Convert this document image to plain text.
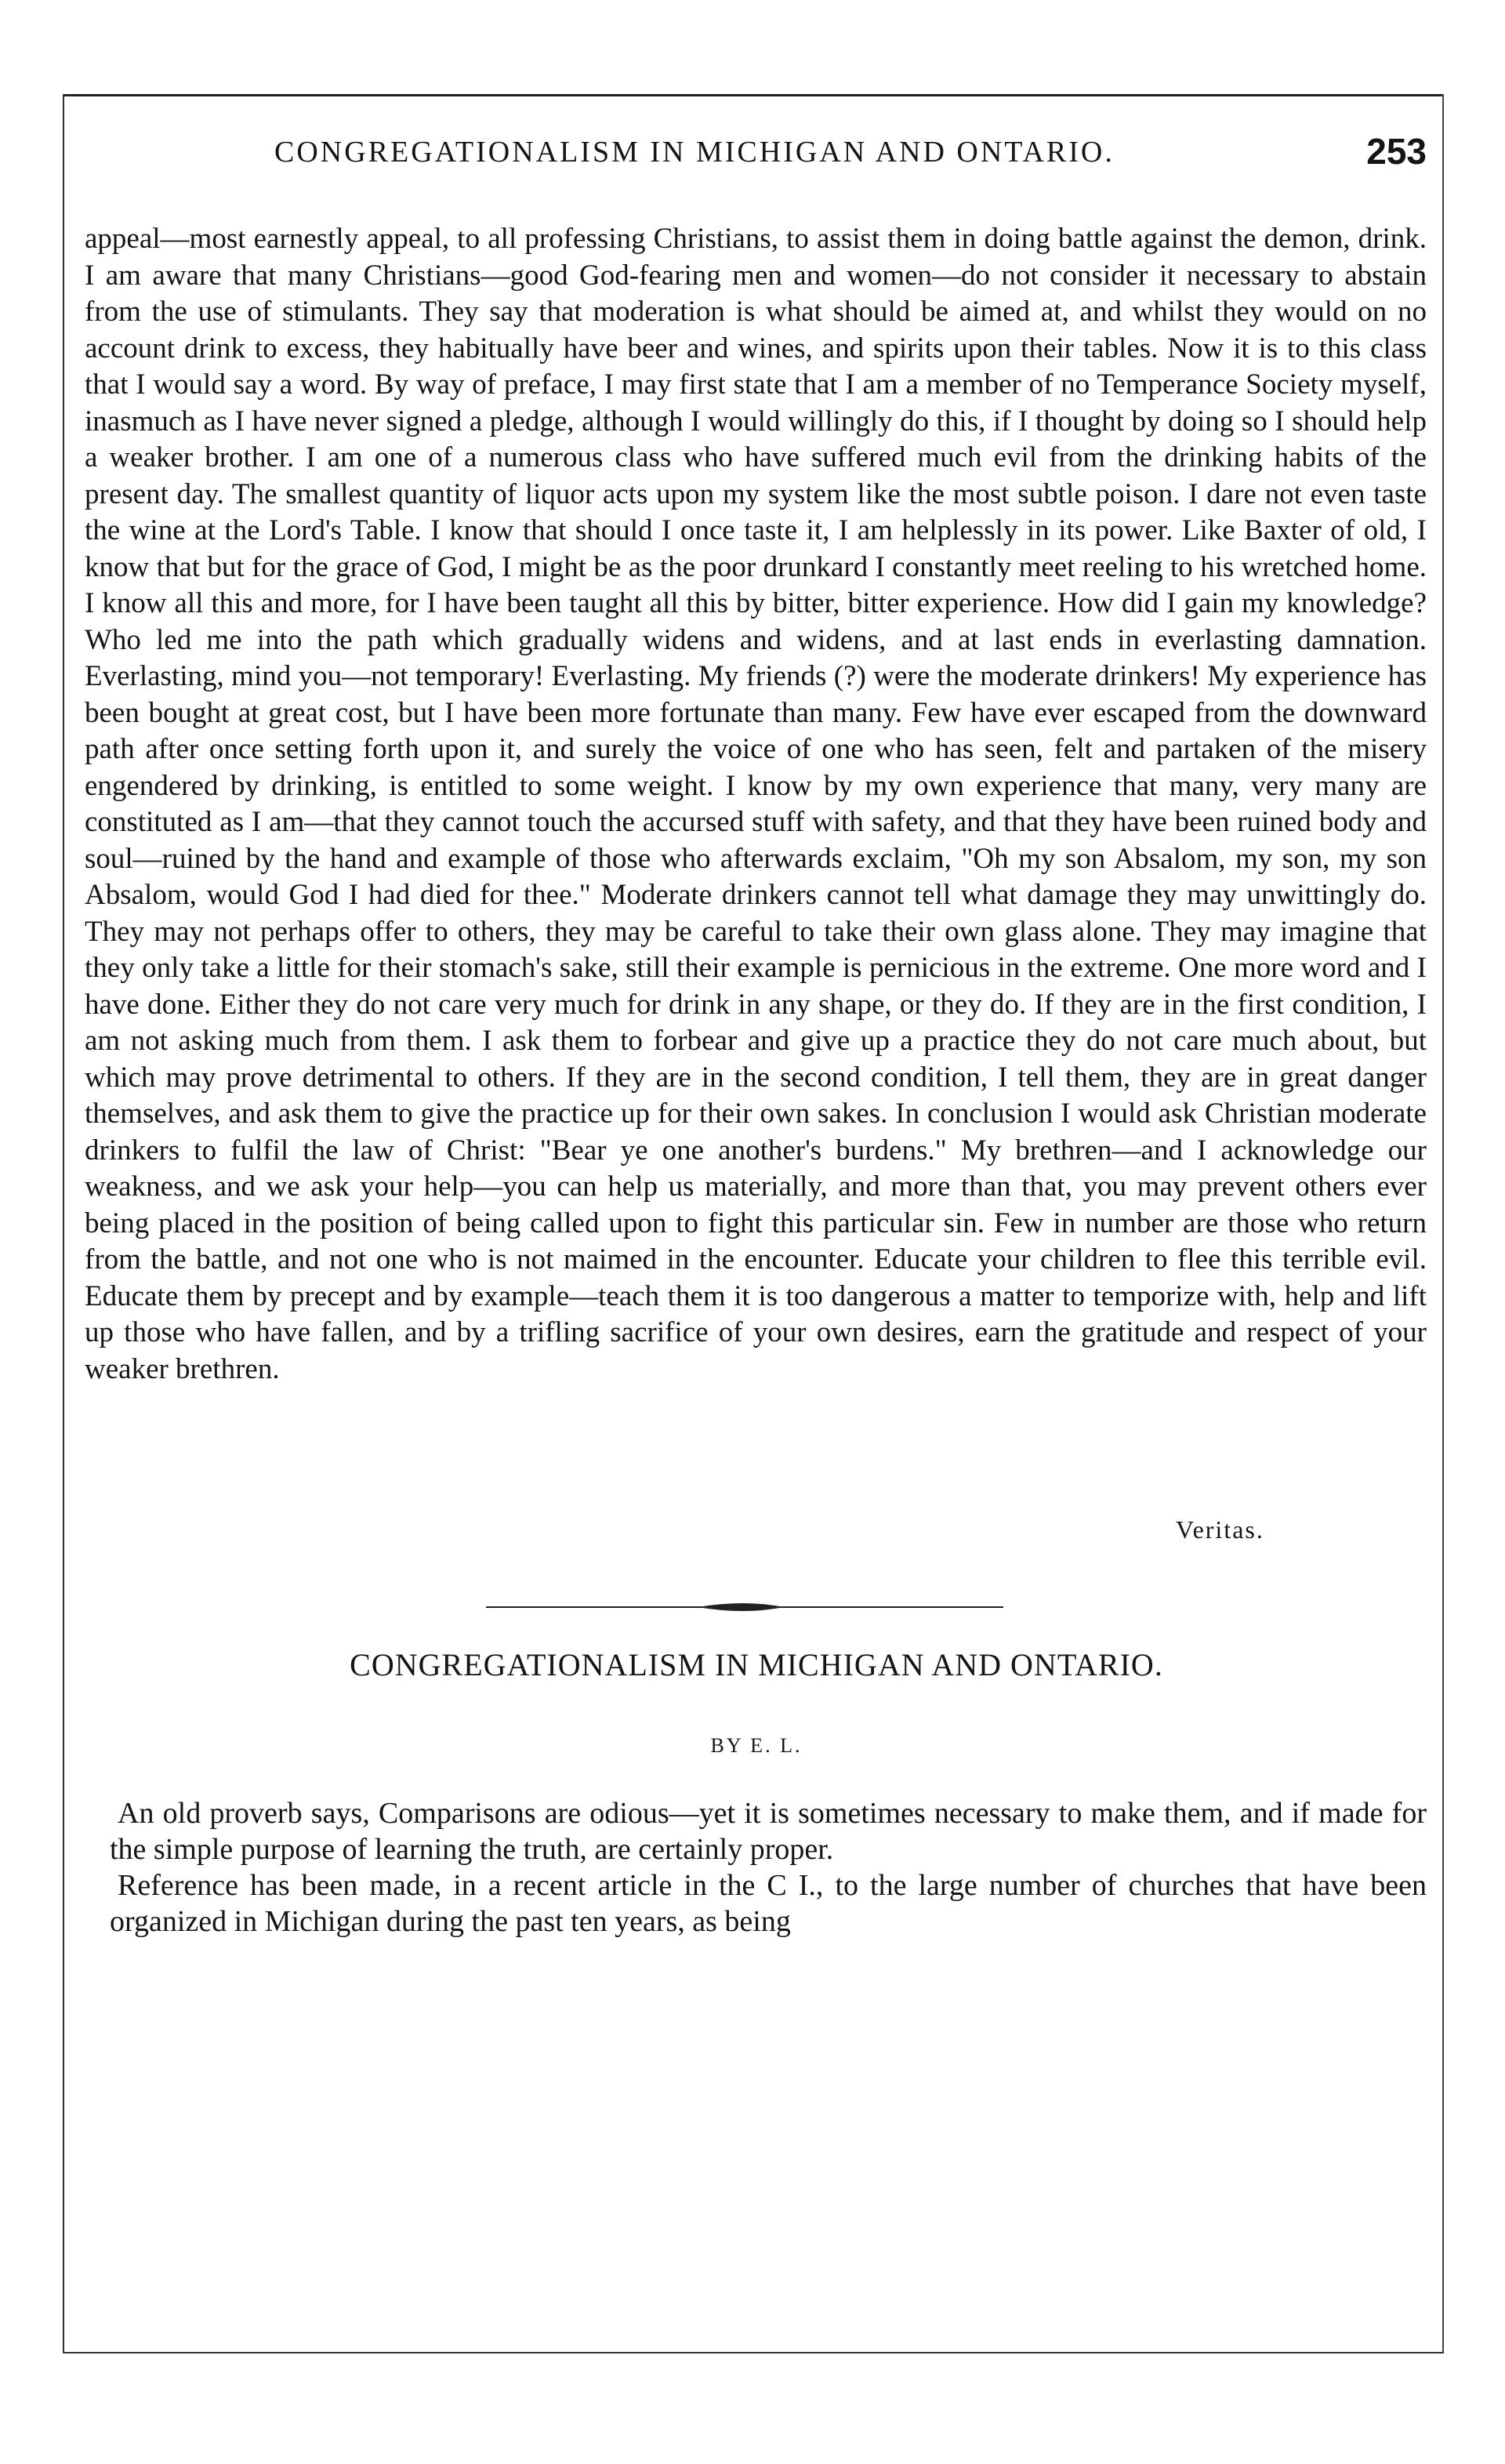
CONGREGATIONALISM IN MICHIGAN AND ONTARIO.	253

appeal—most earnestly appeal, to all professing Christians, to assist them in doing battle against the demon, drink. I am aware that many Christians—good God-fearing men and women—do not consider it necessary to abstain from the use of stimulants. They say that moderation is what should be aimed at, and whilst they would on no account drink to excess, they habitually have beer and wines, and spirits upon their tables. Now it is to this class that I would say a word. By way of preface, I may first state that I am a member of no Temperance Society myself, inasmuch as I have never signed a pledge, although I would willingly do this, if I thought by doing so I should help a weaker brother. I am one of a numerous class who have suffered much evil from the drinking habits of the present day. The smallest quantity of liquor acts upon my system like the most subtle poison. I dare not even taste the wine at the Lord's Table. I know that should I once taste it, I am helplessly in its power. Like Baxter of old, I know that but for the grace of God, I might be as the poor drunkard I constantly meet reeling to his wretched home. I know all this and more, for I have been taught all this by bitter, bitter experience. How did I gain my knowledge? Who led me into the path which gradually widens and widens, and at last ends in everlasting damnation. Everlasting, mind you—not temporary! Everlasting. My friends (?) were the moderate drinkers! My experience has been bought at great cost, but I have been more fortunate than many. Few have ever escaped from the downward path after once setting forth upon it, and surely the voice of one who has seen, felt and partaken of the misery engendered by drinking, is entitled to some weight. I know by my own experience that many, very many are constituted as I am—that they cannot touch the accursed stuff with safety, and that they have been ruined body and soul—ruined by the hand and example of those who afterwards exclaim, "Oh my son Absalom, my son, my son Absalom, would God I had died for thee." Moderate drinkers cannot tell what damage they may unwittingly do. They may not perhaps offer to others, they may be careful to take their own glass alone. They may imagine that they only take a little for their stomach's sake, still their example is pernicious in the extreme. One more word and I have done. Either they do not care very much for drink in any shape, or they do. If they are in the first condition, I am not asking much from them. I ask them to forbear and give up a practice they do not care much about, but which may prove detrimental to others. If they are in the second condition, I tell them, they are in great danger themselves, and ask them to give the practice up for their own sakes. In conclusion I would ask Christian moderate drinkers to fulfil the law of Christ: "Bear ye one another's burdens." My brethren—and I acknowledge our weakness, and we ask your help—you can help us materially, and more than that, you may prevent others ever being placed in the position of being called upon to fight this particular sin. Few in number are those who return from the battle, and not one who is not maimed in the encounter. Educate your children to flee this terrible evil. Educate them by precept and by example—teach them it is too dangerous a matter to temporize with, help and lift up those who have fallen, and by a trifling sacrifice of your own desires, earn the gratitude and respect of your weaker brethren.

Veritas.
CONGREGATIONALISM IN MICHIGAN AND ONTARIO.
BY E. L.

An old proverb says, Comparisons are odious—yet it is sometimes necessary to make them, and if made for the simple purpose of learning the truth, are certainly proper.

Reference has been made, in a recent article in the C I., to the large number of churches that have been organized in Michigan during the past ten years, as being
